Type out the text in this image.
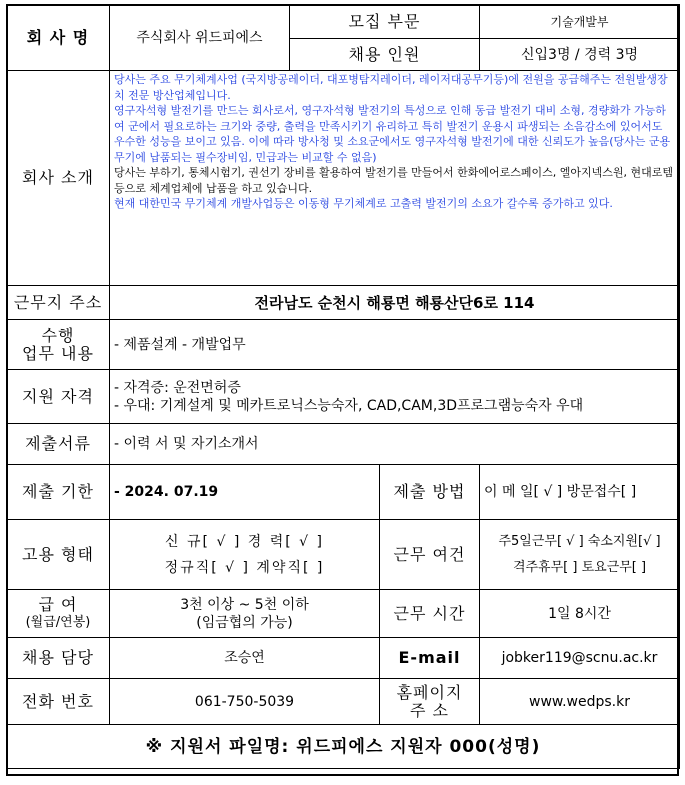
회 사 명	주식회사 위드피에스	모집 부문		기술개발부
		채용 인원		신입3명 / 경력 3명
회사 소개	당사는 주요 무기체계사업 (국지방공레이더, 대포병탐지레이더, 레이저대공무기등)에 전원을 공급해주는 전원발생장치 전문 방산업체입니다.
영구자석형 발전기를 만드는 회사로서, 영구자석형 발전기의 특성으로 인해 동급 발전기 대비 소형, 경량화가 가능하여 군에서 필요로하는 크기와 중량, 출력을 만족시키기 유리하고 특히 발전기 운용시 파생되는 소음감소에 있어서도 우수한 성능을 보이고 있음. 이에 따라 방사청 및 소요군에서도 영구자석형 발전기에 대한 신뢰도가 높음(당사는 군용무기에 납품되는 필수장비임, 민급과는 비교할 수 없음)
당사는 부하기, 통체시험기, 권선기 장비를 활용하여 발전기를 만들어서 한화에어로스페이스, 엘아지넥스원, 현대로템 등으로 체계업체에 납품을 하고 있습니다.
현재 대한민국 무기체계 개발사업등은 이동형 무기체계로 고출력 발전기의 소요가 갈수록 증가하고 있다.			

근무지 주소	전라남도 순천시 해룡면 해룡산단6로 114			

수행
업무 내용	- 제품설계 - 개발업무			
지원 자격	- 자격증: 운전면허증
- 우대: 기계설계 및 메카트로닉스능숙자, CAD,CAM,3D프로그램능숙자 우대			

제출서류	- 이력 서 및 자기소개서			
제출 기한	- 2024. 07.19		제출 방법	이 메 일[ √ ] 방문접수[ ]
고용 형태	신 규[ √ ] 경 력[ √ ]
정규직[ √ ] 계약직[ ]		근무 여건	주5일근무[ √ ] 숙소지원[√ ]
격주휴무[ ] 토요근무[ ]

급 여
(월급/연봉)	3천 이상 ~ 5천 이하
(임금협의 가능)		근무 시간	1일 8시간
채용 담당	조승연		E-mail	jobker119@scnu.ac.kr
전화 번호	061-750-5039		홈페이지
주 소	www.wedps.kr
※ 지원서 파일명: 위드피에스 지원자 000(성명)				
